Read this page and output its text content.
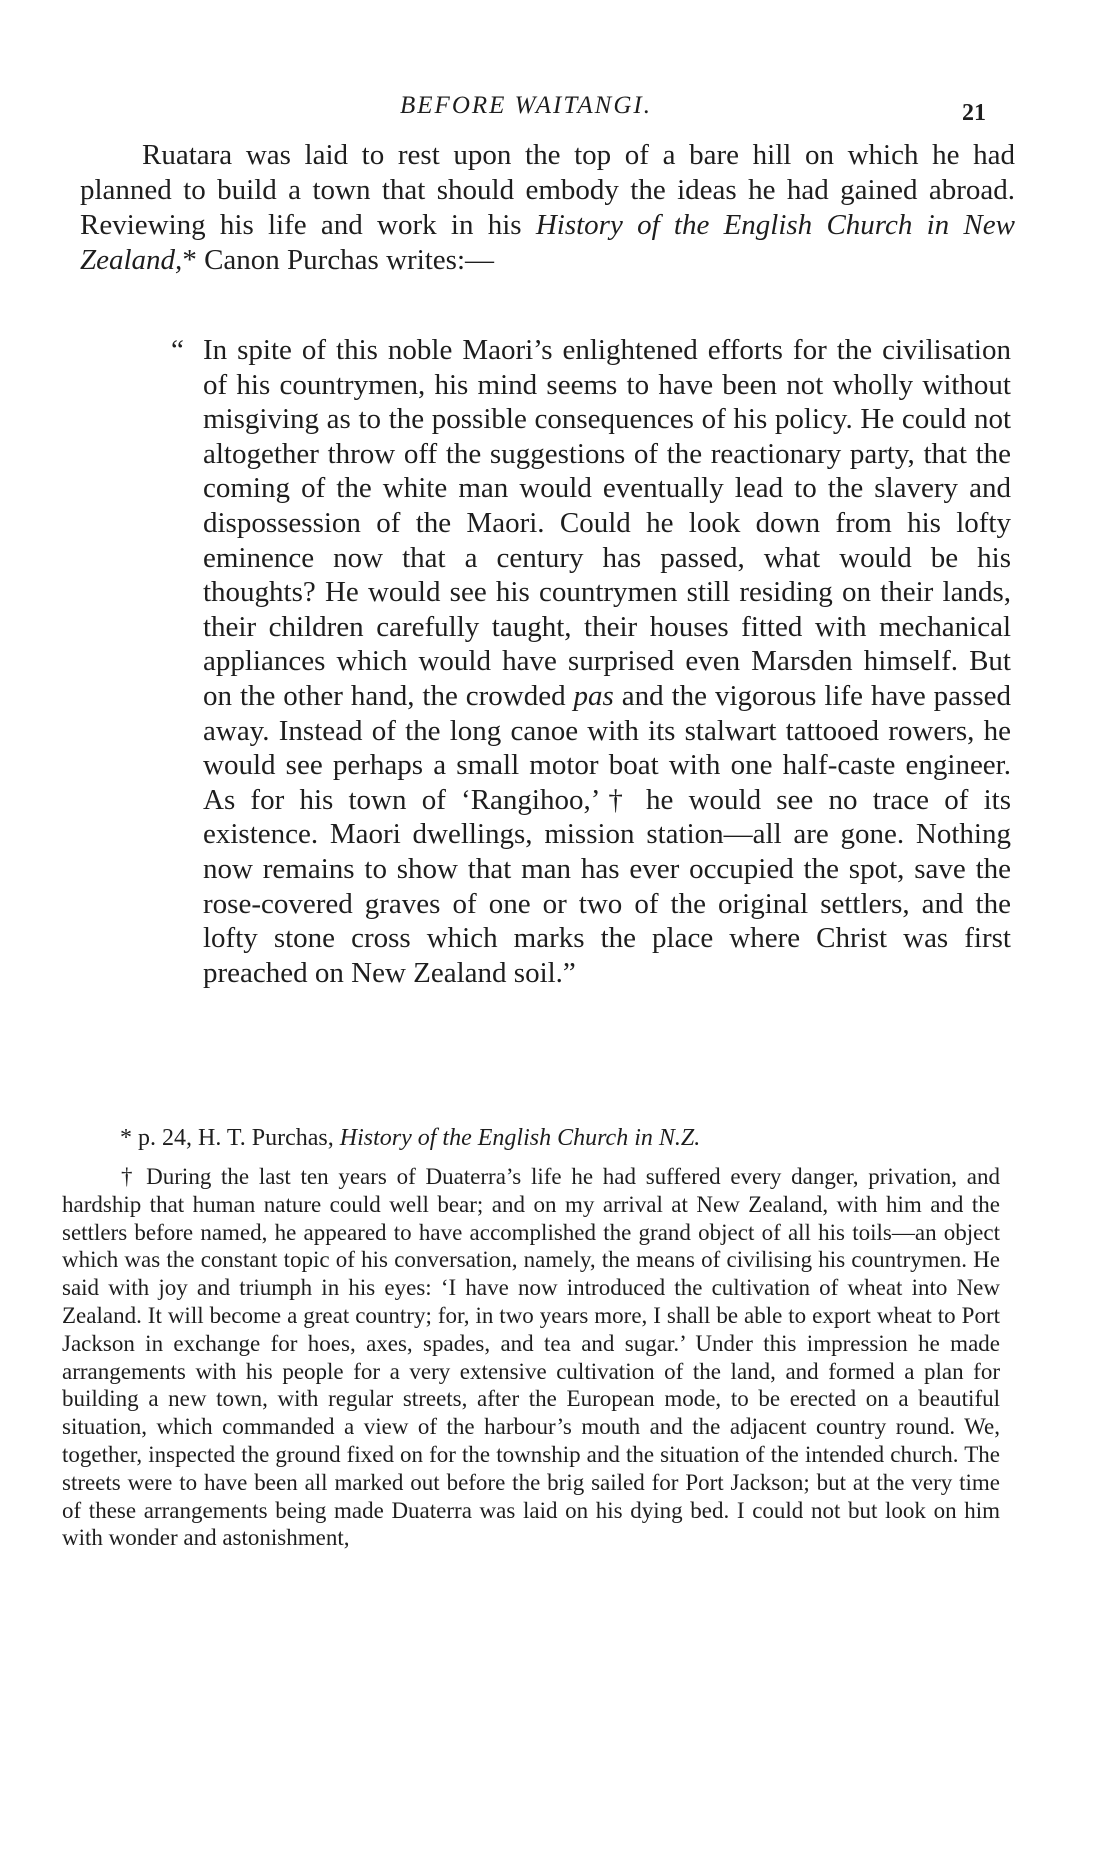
BEFORE WAITANGI.	21

Ruatara was laid to rest upon the top of a bare hill on which he had planned to build a town that should embody the ideas he had gained abroad. Reviewing his life and work in his History of the English Church in New Zealand,* Canon Purchas writes:—

“ In spite of this noble Maori’s enlightened efforts for the civilisation of his countrymen, his mind seems to have been not wholly without misgiving as to the possible consequences of his policy. He could not altogether throw off the suggestions of the reactionary party, that the coming of the white man would eventually lead to the slavery and dispossession of the Maori. Could he look down from his lofty eminence now that a century has passed, what would be his thoughts? He would see his countrymen still residing on their lands, their children carefully taught, their houses fitted with mechanical appliances which would have surprised even Marsden himself. But on the other hand, the crowded pas and the vigorous life have passed away. Instead of the long canoe with its stalwart tattooed rowers, he would see perhaps a small motor boat with one half-caste engineer. As for his town of ‘Rangihoo,’† he would see no trace of its existence. Maori dwellings, mission station—all are gone. Nothing now remains to show that man has ever occupied the spot, save the rose-covered graves of one or two of the original settlers, and the lofty stone cross which marks the place where Christ was first preached on New Zealand soil.”

* p. 24, H. T. Purchas, History of the English Church in N.Z.

† During the last ten years of Duaterra’s life he had suffered every danger, privation, and hardship that human nature could well bear; and on my arrival at New Zealand, with him and the settlers before named, he appeared to have accomplished the grand object of all his toils—an object which was the constant topic of his conversation, namely, the means of civilising his countrymen. He said with joy and triumph in his eyes: ‘I have now introduced the cultivation of wheat into New Zealand. It will become a great country; for, in two years more, I shall be able to export wheat to Port Jackson in exchange for hoes, axes, spades, and tea and sugar.’ Under this impression he made arrangements with his people for a very extensive cultivation of the land, and formed a plan for building a new town, with regular streets, after the European mode, to be erected on a beautiful situation, which commanded a view of the harbour’s mouth and the adjacent country round. We, together, inspected the ground fixed on for the township and the situation of the intended church. The streets were to have been all marked out before the brig sailed for Port Jackson; but at the very time of these arrangements being made Duaterra was laid on his dying bed. I could not but look on him with wonder and astonishment,
